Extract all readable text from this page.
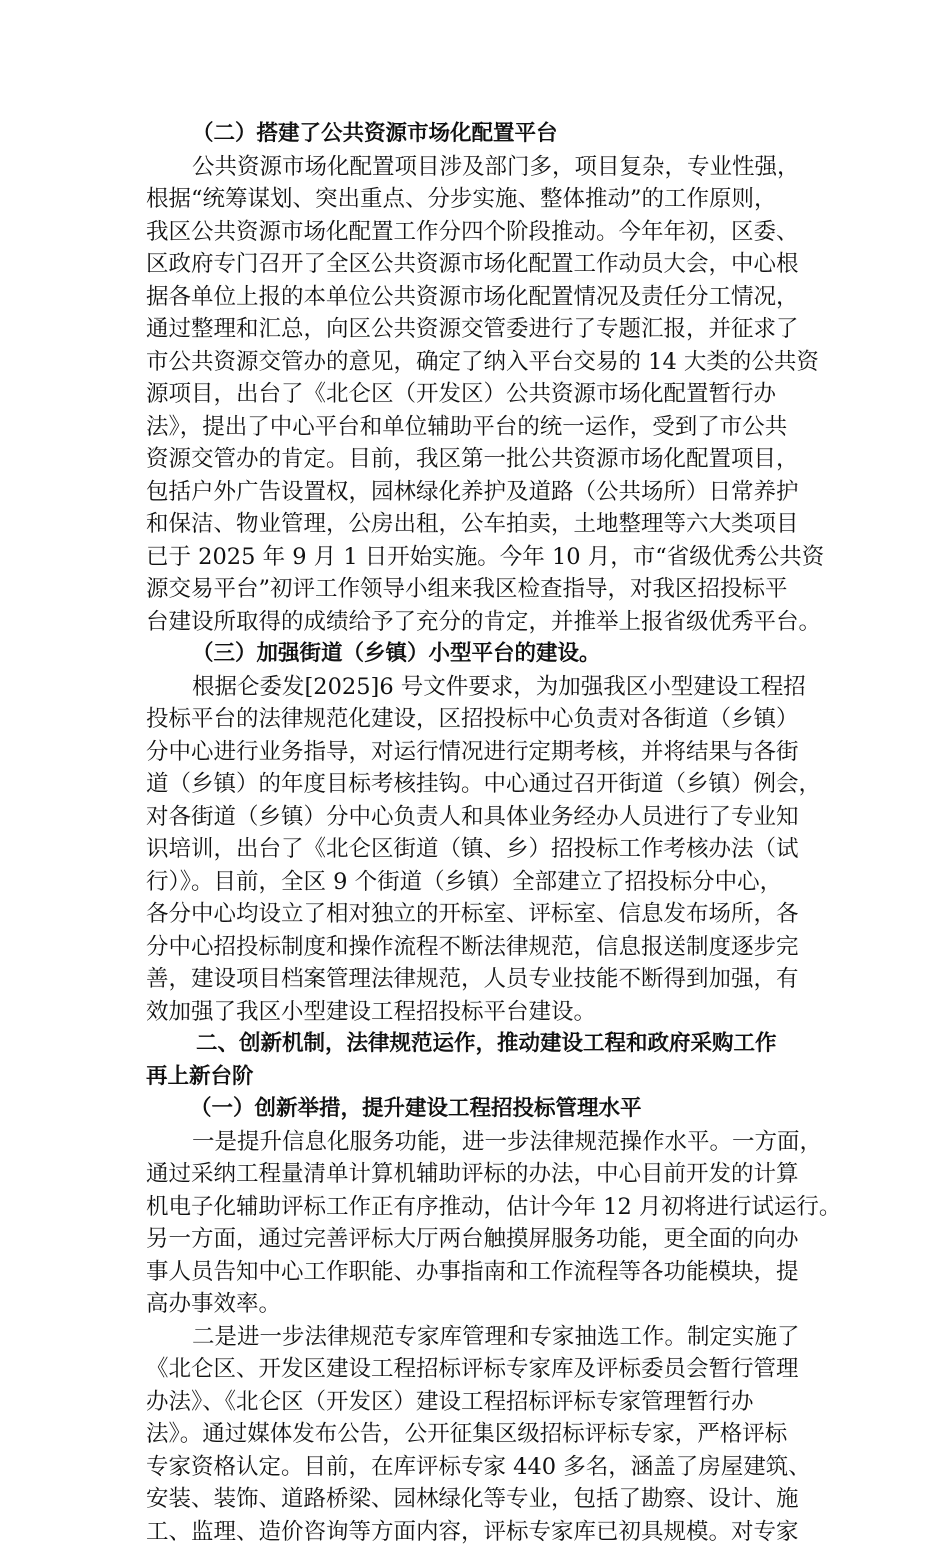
（二）搭建了公共资源市场化配置平台
公共资源市场化配置项目涉及部门多，项目复杂，专业性强，
根据“统筹谋划、突出重点、分步实施、整体推动”的工作原则，
我区公共资源市场化配置工作分四个阶段推动。今年年初，区委、
区政府专门召开了全区公共资源市场化配置工作动员大会，中心根
据各单位上报的本单位公共资源市场化配置情况及责任分工情况，
通过整理和汇总，向区公共资源交管委进行了专题汇报，并征求了
市公共资源交管办的意见，确定了纳入平台交易的 14 大类的公共资
源项目，出台了《北仑区（开发区）公共资源市场化配置暂行办
法》，提出了中心平台和单位辅助平台的统一运作，受到了市公共
资源交管办的肯定。目前，我区第一批公共资源市场化配置项目，
包括户外广告设置权，园林绿化养护及道路（公共场所）日常养护
和保洁、物业管理，公房出租，公车拍卖，土地整理等六大类项目
已于 2025 年 9 月 1 日开始实施。今年 10 月，市“省级优秀公共资
源交易平台”初评工作领导小组来我区检查指导，对我区招投标平
台建设所取得的成绩给予了充分的肯定，并推举上报省级优秀平台。
（三）加强街道（乡镇）小型平台的建设。
根据仑委发[2025]6 号文件要求，为加强我区小型建设工程招
投标平台的法律规范化建设，区招投标中心负责对各街道（乡镇）
分中心进行业务指导，对运行情况进行定期考核，并将结果与各街
道（乡镇）的年度目标考核挂钩。中心通过召开街道（乡镇）例会，
对各街道（乡镇）分中心负责人和具体业务经办人员进行了专业知
识培训，出台了《北仑区街道（镇、乡）招投标工作考核办法（试
行）》。目前，全区 9 个街道（乡镇）全部建立了招投标分中心，
各分中心均设立了相对独立的开标室、评标室、信息发布场所，各
分中心招投标制度和操作流程不断法律规范，信息报送制度逐步完
善，建设项目档案管理法律规范，人员专业技能不断得到加强，有
效加强了我区小型建设工程招投标平台建设。
二、创新机制，法律规范运作，推动建设工程和政府采购工作
再上新台阶
（一）创新举措，提升建设工程招投标管理水平
一是提升信息化服务功能，进一步法律规范操作水平。一方面，
通过采纳工程量清单计算机辅助评标的办法，中心目前开发的计算
机电子化辅助评标工作正有序推动，估计今年 12 月初将进行试运行。
另一方面，通过完善评标大厅两台触摸屏服务功能，更全面的向办
事人员告知中心工作职能、办事指南和工作流程等各功能模块，提
高办事效率。
二是进一步法律规范专家库管理和专家抽选工作。制定实施了
《北仑区、开发区建设工程招标评标专家库及评标委员会暂行管理
办法》、《北仑区（开发区）建设工程招标评标专家管理暂行办
法》。通过媒体发布公告，公开征集区级招标评标专家，严格评标
专家资格认定。目前，在库评标专家 440 多名，涵盖了房屋建筑、
安装、装饰、道路桥梁、园林绿化等专业，包括了勘察、设计、施
工、监理、造价咨询等方面内容，评标专家库已初具规模。对专家
